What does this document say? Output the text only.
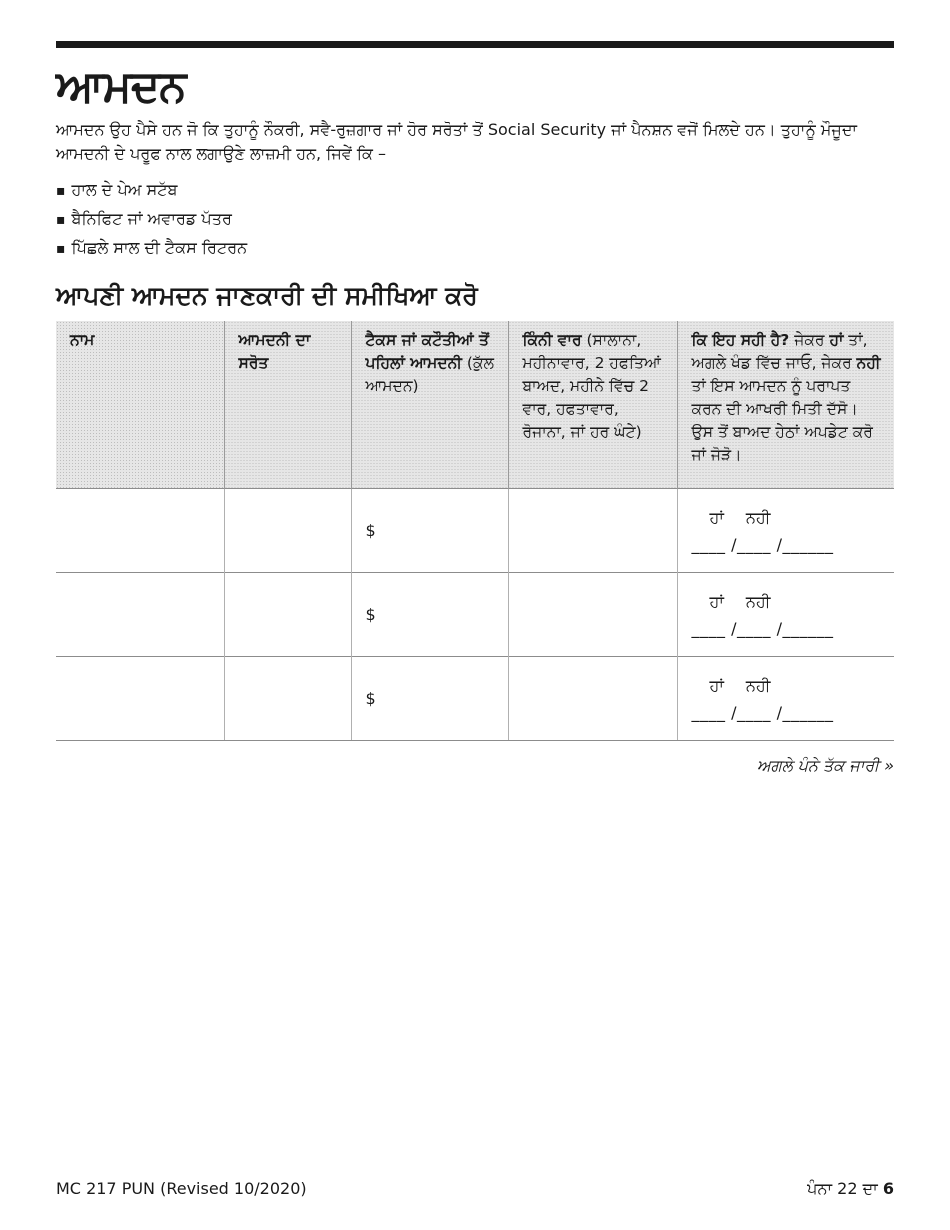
ਆਮਦਨ

ਆਮਦਨ ਉਹ ਪੈਸੇ ਹਨ ਜੋ ਕਿ ਤੁਹਾਨੂੰ ਨੌਕਰੀ, ਸਵੈ-ਰੁਜ਼ਗਾਰ ਜਾਂ ਹੋਰ ਸਰੋਤਾਂ ਤੋਂ Social Security ਜਾਂ ਪੈਨਸ਼ਨ ਵਜੋਂ ਮਿਲਦੇ ਹਨ। ਤੁਹਾਨੂੰ ਮੌਜੂਦਾ ਆਮਦਨੀ ਦੇ ਪਰੂਫ ਨਾਲ ਲਗਾਉਣੇ ਲਾਜ਼ਮੀ ਹਨ, ਜਿਵੇਂ ਕਿ –

▪ ਹਾਲ ਦੇ ਪੇਅ ਸਟੱਬ
▪ ਬੈਨਿਫਿਟ ਜਾਂ ਅਵਾਰਡ ਪੱਤਰ
▪ ਪਿੱਛਲੇ ਸਾਲ ਦੀ ਟੈਕਸ ਰਿਟਰਨ
ਆਪਣੀ ਆਮਦਨ ਜਾਣਕਾਰੀ ਦੀ ਸਮੀਖਿਆ ਕਰੋ
ਨਾਮ	ਆਮਦਨੀ ਦਾ ਸਰੋਤ	ਟੈਕਸ ਜਾਂ ਕਟੌਤੀਆਂ ਤੋਂ ਪਹਿਲਾਂ ਆਮਦਨੀ (ਕੁੱਲ ਆਮਦਨ)	ਕਿੰਨੀ ਵਾਰ (ਸਾਲਾਨਾ, ਮਹੀਨਾਵਾਰ, 2 ਹਫਤਿਆਂ ਬਾਅਦ, ਮਹੀਨੇ ਵਿੱਚ 2 ਵਾਰ, ਹਫਤਾਵਾਰ, ਰੋਜਾਨਾ, ਜਾਂ ਹਰ ਘੰਟੇ)	ਕਿ ਇਹ ਸਹੀ ਹੈ? ਜੇਕਰ ਹਾਂ ਤਾਂ, ਅਗਲੇ ਖੰਡ ਵਿੱਚ ਜਾਓ, ਜੇਕਰ ਨਹੀ ਤਾਂ ਇਸ ਆਮਦਨ ਨੂੰ ਪਰਾਪਤ ਕਰਨ ਦੀ ਆਖਰੀ ਮਿਤੀ ਦੱਸੋ। ਉਸ ਤੋਂ ਬਾਅਦ ਹੇਠਾਂ ਅਪਡੇਟ ਕਰੋ ਜਾਂ ਜੋੜੋ।
		$		ਹਾਂ ਨਹੀ
____ /____ /______

		$		ਹਾਂ ਨਹੀ
____ /____ /______

		$		ਹਾਂ ਨਹੀ
____ /____ /______

ਅਗਲੇ ਪੰਨੇ ਤੱਕ ਜਾਰੀ »

MC 217 PUN (Revised 10/2020)	ਪੰਨਾ 22 ਦਾ 6
